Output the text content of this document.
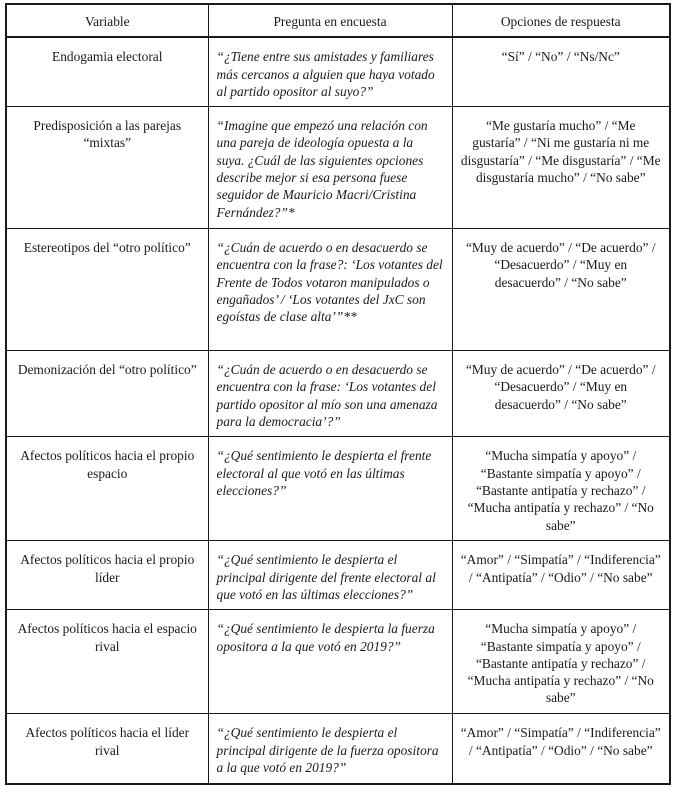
Variable	Pregunta en encuesta	Opciones de respuesta
Endogamia electoral	“¿Tiene entre sus amistades y familiares más cercanos a alguien que haya votado al partido opositor al suyo?”	“Sí” / “No” / “Ns/Nc”
Predisposición a las parejas “mixtas”	“Imagine que empezó una relación con una pareja de ideología opuesta a la suya. ¿Cuál de las siguientes opciones describe mejor si esa persona fuese seguidor de Mauricio Macri/Cristina Fernández?”*	“Me gustaría mucho” / “Me gustaría” / “Ni me gustaría ni me disgustaría” / “Me disgustaría” / “Me disgustaría mucho” / “No sabe”
Estereotipos del “otro político”	“¿Cuán de acuerdo o en desacuerdo se encuentra con la frase?: ‘Los votantes del Frente de Todos votaron manipulados o engañados’ / ‘Los votantes del JxC son egoístas de clase alta’”**	“Muy de acuerdo” / “De acuerdo” / “Desacuerdo” / “Muy en desacuerdo” / “No sabe”
Demonización del “otro político”	“¿Cuán de acuerdo o en desacuerdo se encuentra con la frase: ‘Los votantes del partido opositor al mío son una amenaza para la democracia’?”	“Muy de acuerdo” / “De acuerdo” / “Desacuerdo” / “Muy en desacuerdo” / “No sabe”
Afectos políticos hacia el propio espacio	“¿Qué sentimiento le despierta el frente electoral al que votó en las últimas elecciones?”	“Mucha simpatía y apoyo” / “Bastante simpatía y apoyo” / “Bastante antipatía y rechazo” / “Mucha antipatía y rechazo” / “No sabe”
Afectos políticos hacia el propio líder	“¿Qué sentimiento le despierta el principal dirigente del frente electoral al que votó en las últimas elecciones?”	“Amor” / “Simpatía” / “Indiferencia” / “Antipatía” / “Odio” / “No sabe”
Afectos políticos hacia el espacio rival	“¿Qué sentimiento le despierta la fuerza opositora a la que votó en 2019?”	“Mucha simpatía y apoyo” / “Bastante simpatía y apoyo” / “Bastante antipatía y rechazo” / “Mucha antipatía y rechazo” / “No sabe”
Afectos políticos hacia el líder rival	“¿Qué sentimiento le despierta el principal dirigente de la fuerza opositora a la que votó en 2019?”	“Amor” / “Simpatía” / “Indiferencia” / “Antipatía” / “Odio” / “No sabe”
